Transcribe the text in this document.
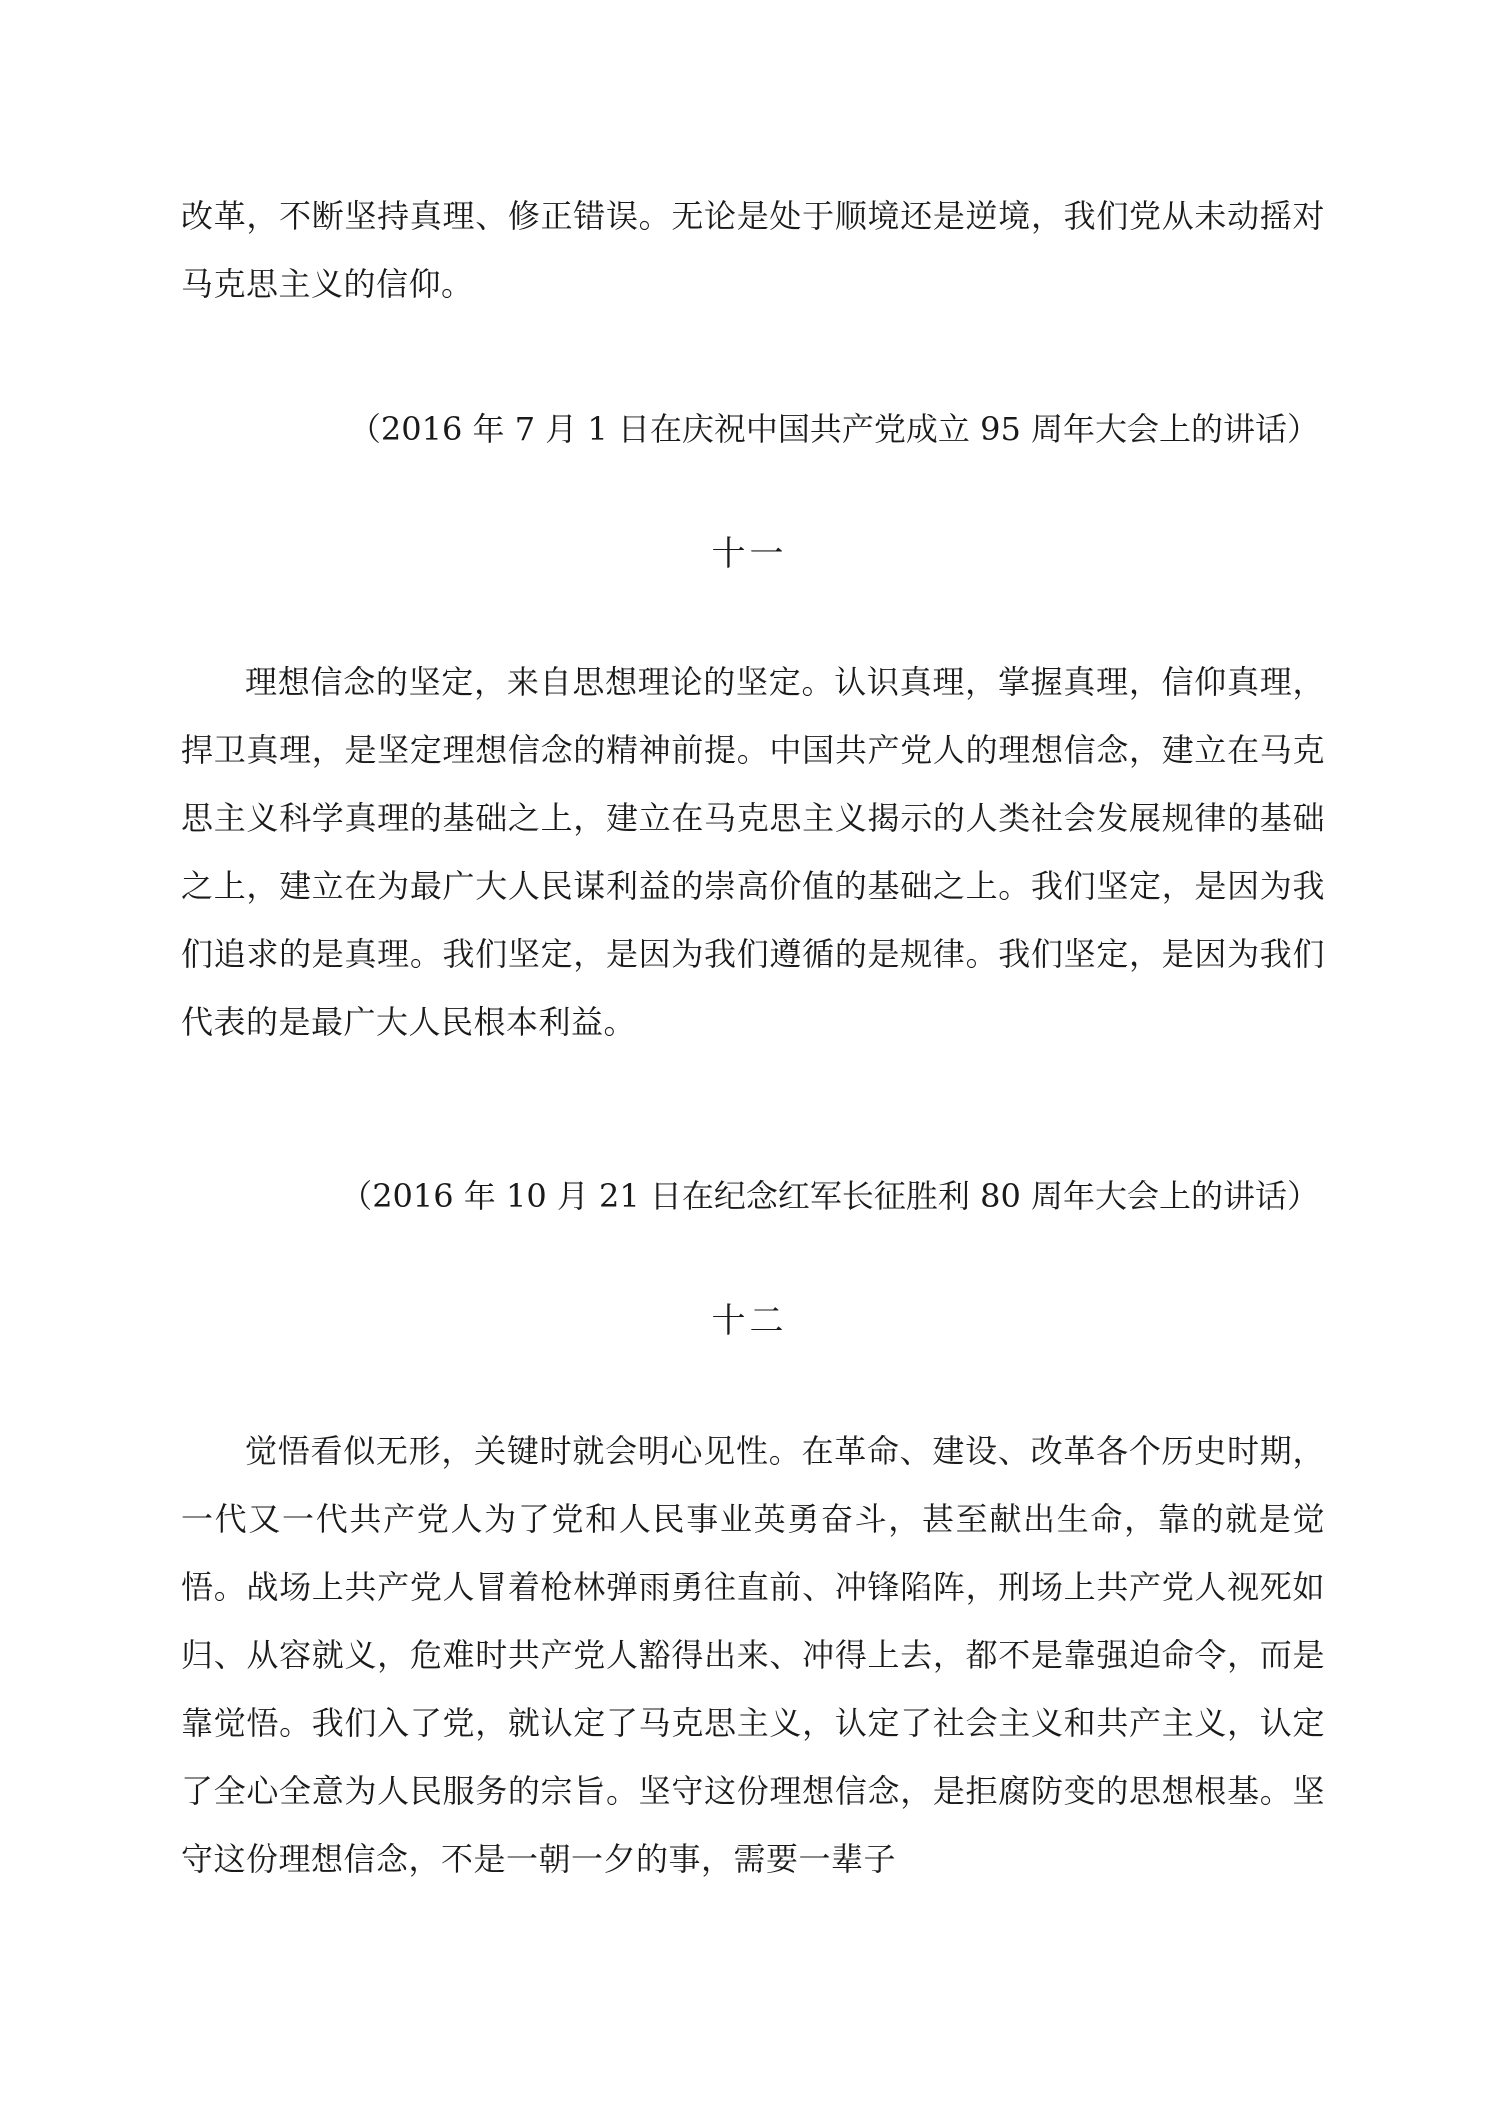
改革，不断坚持真理、修正错误。无论是处于顺境还是逆境，我们党从未动摇对马克思主义的信仰。

（2016 年 7 月 1 日在庆祝中国共产党成立 95 周年大会上的讲话）
十一

理想信念的坚定，来自思想理论的坚定。认识真理，掌握真理，信仰真理，捍卫真理，是坚定理想信念的精神前提。中国共产党人的理想信念，建立在马克思主义科学真理的基础之上，建立在马克思主义揭示的人类社会发展规律的基础之上，建立在为最广大人民谋利益的崇高价值的基础之上。我们坚定，是因为我们追求的是真理。我们坚定，是因为我们遵循的是规律。我们坚定，是因为我们代表的是最广大人民根本利益。

（2016 年 10 月 21 日在纪念红军长征胜利 80 周年大会上的讲话）
十二

觉悟看似无形，关键时就会明心见性。在革命、建设、改革各个历史时期，一代又一代共产党人为了党和人民事业英勇奋斗，甚至献出生命，靠的就是觉悟。战场上共产党人冒着枪林弹雨勇往直前、冲锋陷阵，刑场上共产党人视死如归、从容就义，危难时共产党人豁得出来、冲得上去，都不是靠强迫命令，而是靠觉悟。我们入了党，就认定了马克思主义，认定了社会主义和共产主义，认定了全心全意为人民服务的宗旨。坚守这份理想信念，是拒腐防变的思想根基。坚守这份理想信念，不是一朝一夕的事，需要一辈子
